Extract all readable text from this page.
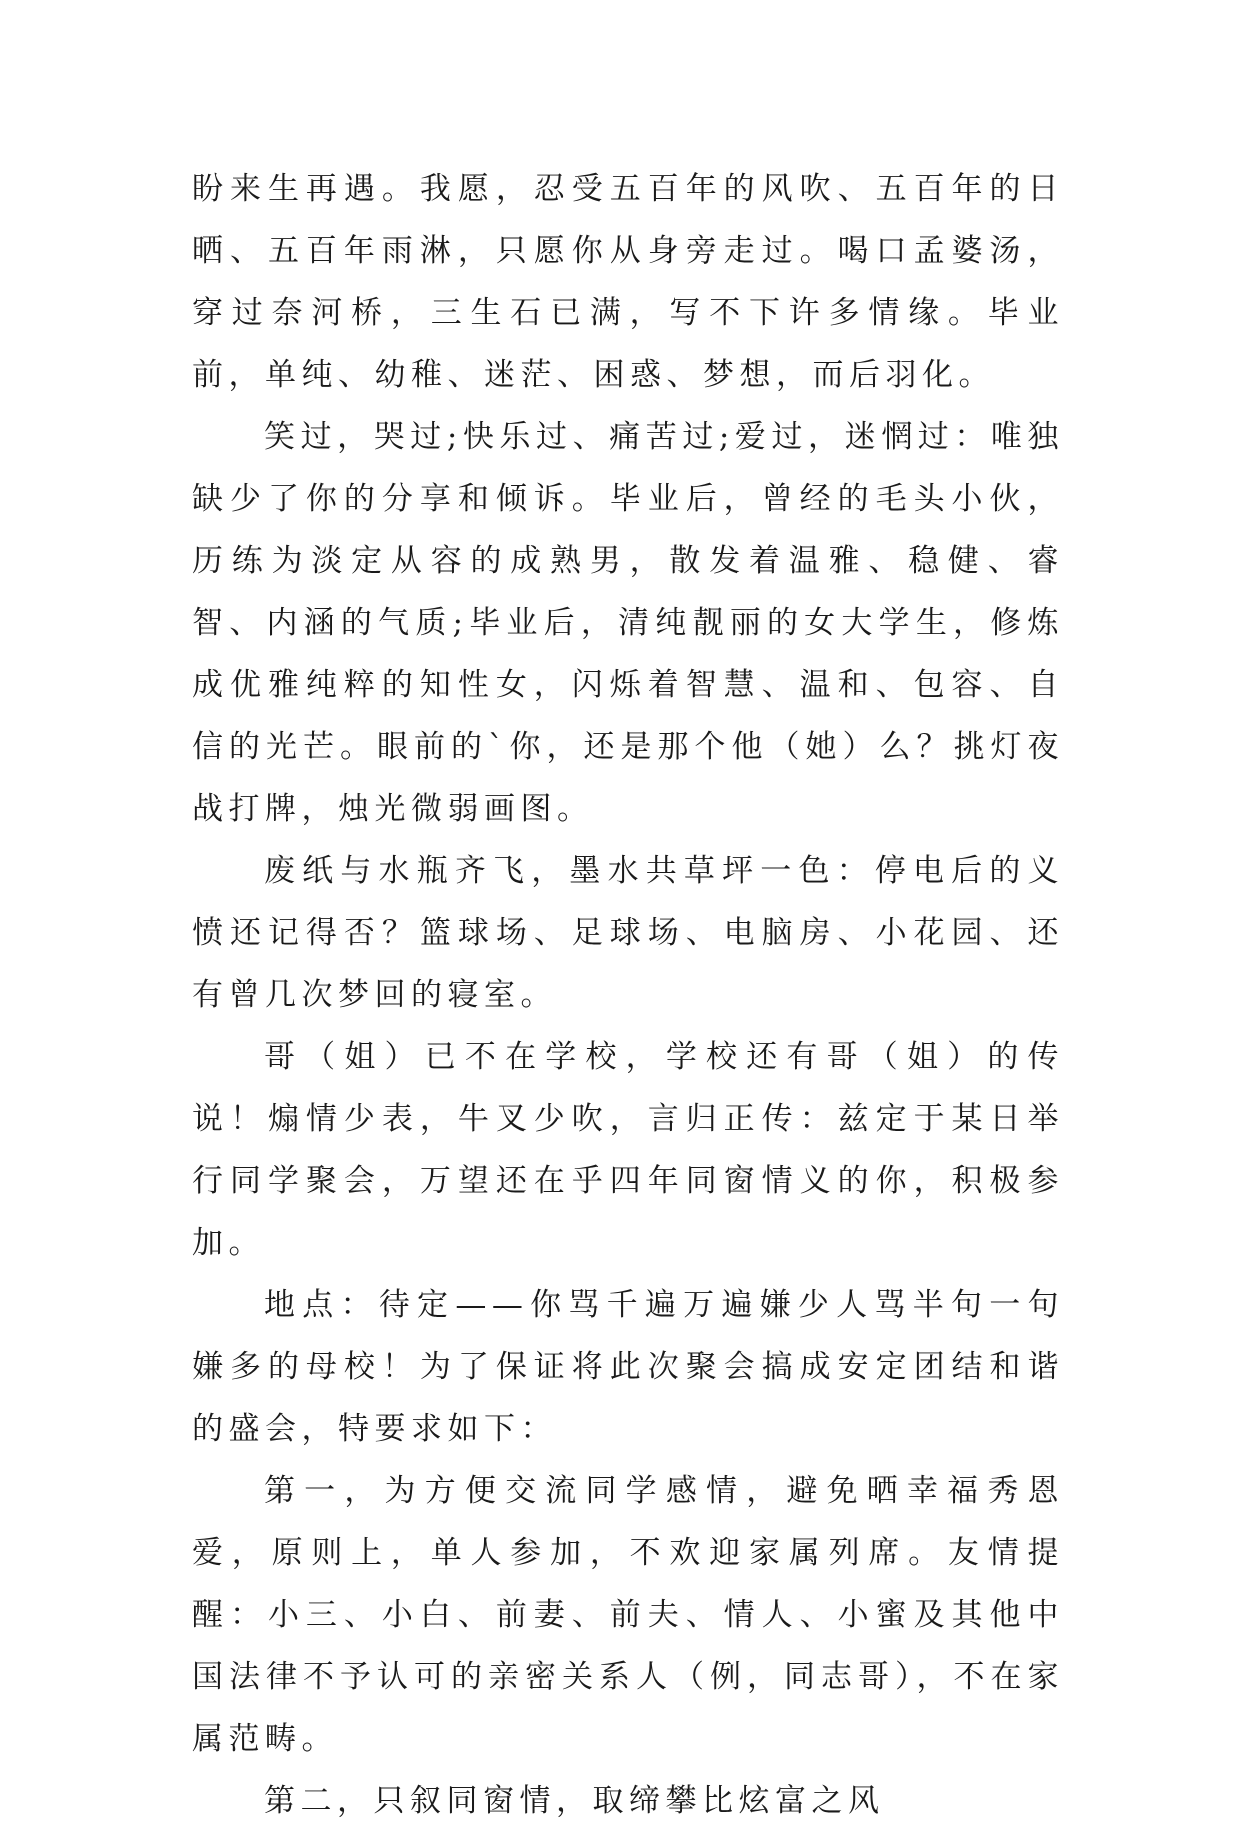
盼来生再遇。我愿，忍受五百年的风吹、五百年的日晒、五百年雨淋，只愿你从身旁走过。喝口孟婆汤，穿过奈河桥，三生石已满，写不下许多情缘。毕业前，单纯、幼稚、迷茫、困惑、梦想，而后羽化。

笑过，哭过;快乐过、痛苦过;爱过，迷惘过：唯独缺少了你的分享和倾诉。毕业后，曾经的毛头小伙，历练为淡定从容的成熟男，散发着温雅、稳健、睿智、内涵的气质;毕业后，清纯靓丽的女大学生，修炼成优雅纯粹的知性女，闪烁着智慧、温和、包容、自信的光芒。眼前的`你，还是那个他（她）么？挑灯夜战打牌，烛光微弱画图。

废纸与水瓶齐飞，墨水共草坪一色：停电后的义愤还记得否？篮球场、足球场、电脑房、小花园、还有曾几次梦回的寝室。

哥（姐）已不在学校，学校还有哥（姐）的传说！煽情少表，牛叉少吹，言归正传：兹定于某日举行同学聚会，万望还在乎四年同窗情义的你，积极参加。

地点：待定——你骂千遍万遍嫌少人骂半句一句嫌多的母校！为了保证将此次聚会搞成安定团结和谐的盛会，特要求如下：

第一，为方便交流同学感情，避免晒幸福秀恩爱，原则上，单人参加，不欢迎家属列席。友情提醒：小三、小白、前妻、前夫、情人、小蜜及其他中国法律不予认可的亲密关系人（例，同志哥），不在家属范畴。

第二，只叙同窗情，取缔攀比炫富之风
